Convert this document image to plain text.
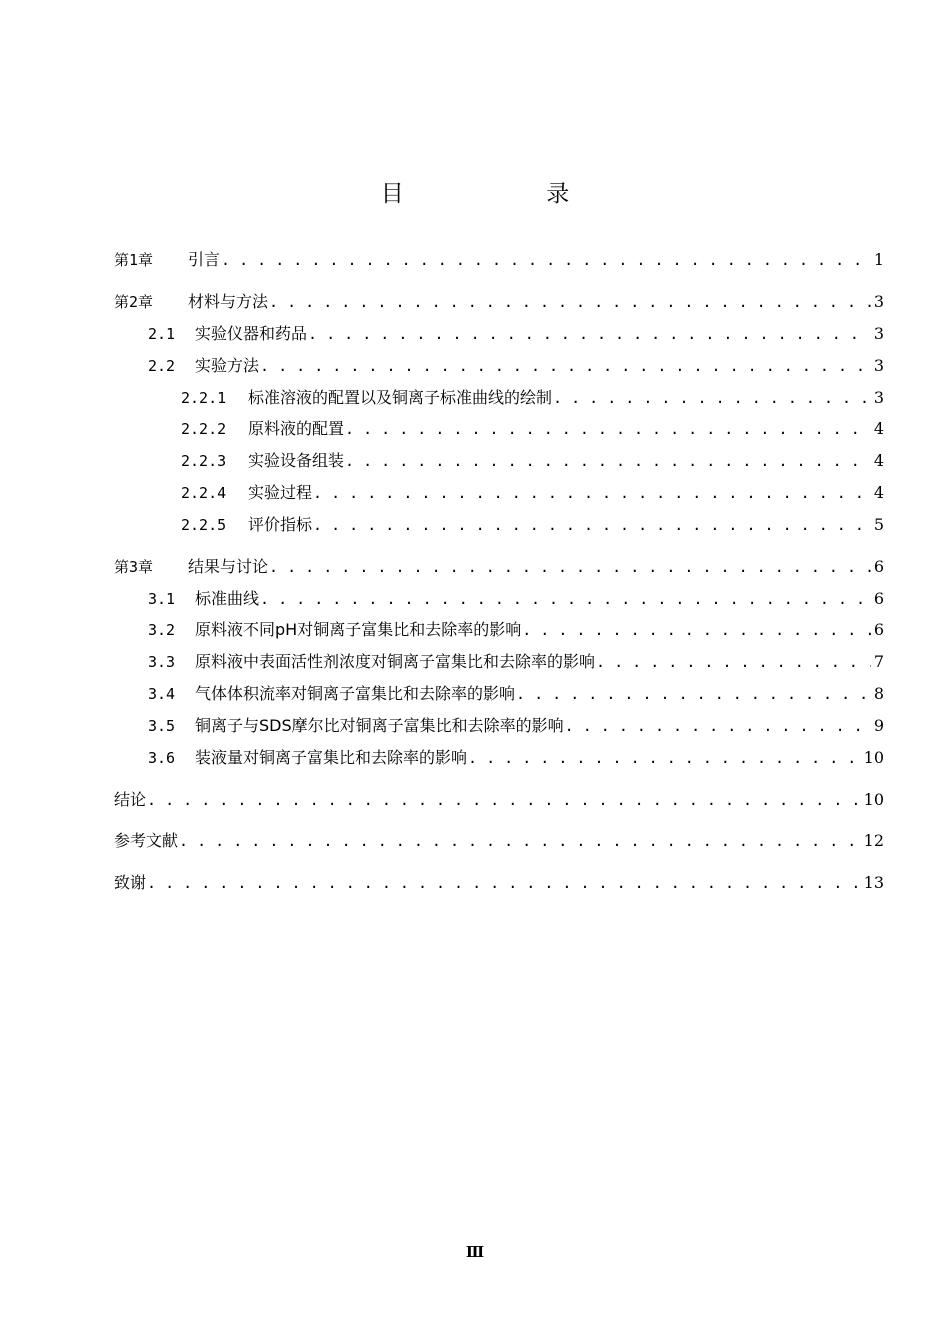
目　录
第1章	引言 . . .	1
第2章	材料与方法 . . .	3
2.1	实验仪器和药品 . . .	3
2.2	实验方法 . . .	3
2.2.1	标准溶液的配置以及铜离子标准曲线的绘制 . . .	3
2.2.2	原料液的配置 . . .	4
2.2.3	实验设备组装 . . .	4
2.2.4	实验过程 . . .	4
2.2.5	评价指标 . . .	5
第3章	结果与讨论 . . .	6
3.1	标准曲线 . . .	6
3.2	原料液不同pH对铜离子富集比和去除率的影响 . . .	6
3.3	原料液中表面活性剂浓度对铜离子富集比和去除率的影响 . . .	7
3.4	气体体积流率对铜离子富集比和去除率的影响 . . .	8
3.5	铜离子与SDS摩尔比对铜离子富集比和去除率的影响 . . .	9
3.6	装液量对铜离子富集比和去除率的影响 . . .	10
结论 . . .	10
参考文献 . . .	12
致谢 . . .	13
Ⅲ
